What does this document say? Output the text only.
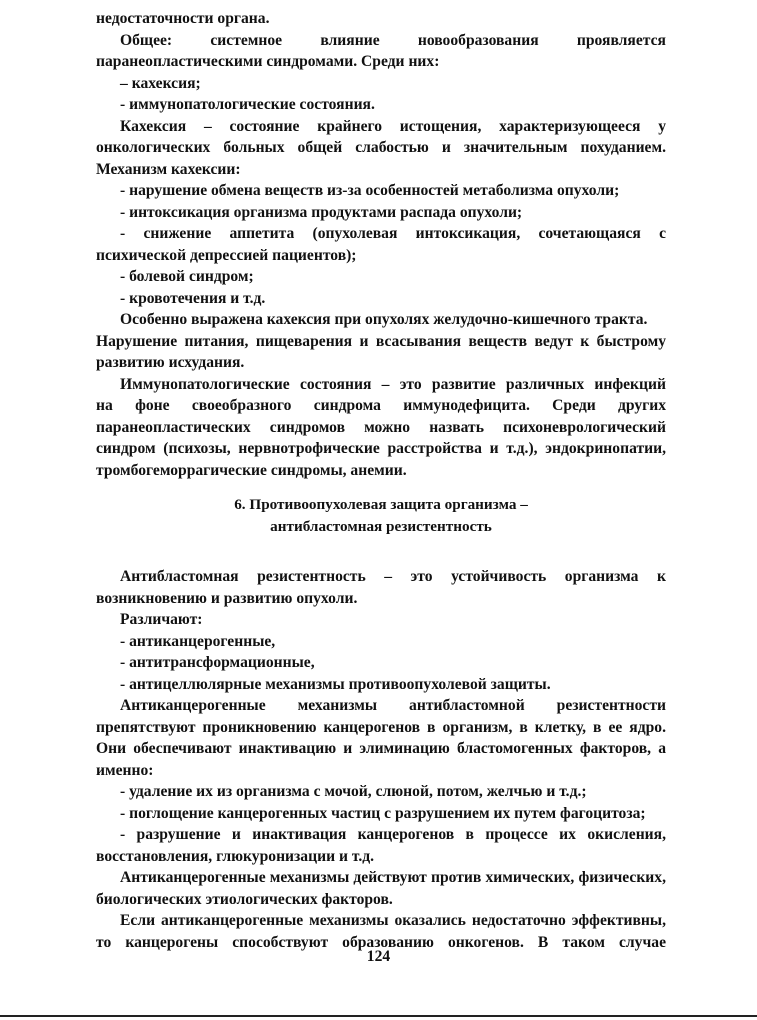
недостаточности органа.
Общее: системное влияние новообразования проявляется
паранеопластическими синдромами. Среди них:
– кахексия;
- иммунопатологические состояния.
Кахексия – состояние крайнего истощения, характеризующееся у
онкологических больных общей слабостью и значительным похуданием.
Механизм кахексии:
- нарушение обмена веществ из-за особенностей метаболизма опухоли;
- интоксикация организма продуктами распада опухоли;
- снижение аппетита (опухолевая интоксикация, сочетающаяся с
психической депрессией пациентов);
- болевой синдром;
- кровотечения и т.д.
Особенно выражена кахексия при опухолях желудочно-кишечного тракта.
Нарушение питания, пищеварения и всасывания веществ ведут к быстрому
развитию исхудания.
Иммунопатологические состояния – это развитие различных инфекций
на фоне своеобразного синдрома иммунодефицита. Среди других
паранеопластических синдромов можно назвать психоневрологический
синдром (психозы, нервнотрофические расстройства и т.д.), эндокринопатии,
тромбогеморрагические синдромы, анемии.
6. Противоопухолевая защита организма –
антибластомная резистентность
Антибластомная резистентность – это устойчивость организма к
возникновению и развитию опухоли.
Различают:
- антиканцерогенные,
- антитрансформационные,
- антицеллюлярные механизмы противоопухолевой защиты.
Антиканцерогенные механизмы антибластомной резистентности
препятствуют проникновению канцерогенов в организм, в клетку, в ее ядро.
Они обеспечивают инактивацию и элиминацию бластомогенных факторов, а
именно:
- удаление их из организма с мочой, слюной, потом, желчью и т.д.;
- поглощение канцерогенных частиц с разрушением их путем фагоцитоза;
- разрушение и инактивация канцерогенов в процессе их окисления,
восстановления, глюкуронизации и т.д.
Антиканцерогенные механизмы действуют против химических, физических,
биологических этиологических факторов.
Если антиканцерогенные механизмы оказались недостаточно эффективны,
то канцерогены способствуют образованию онкогенов. В таком случае
124
